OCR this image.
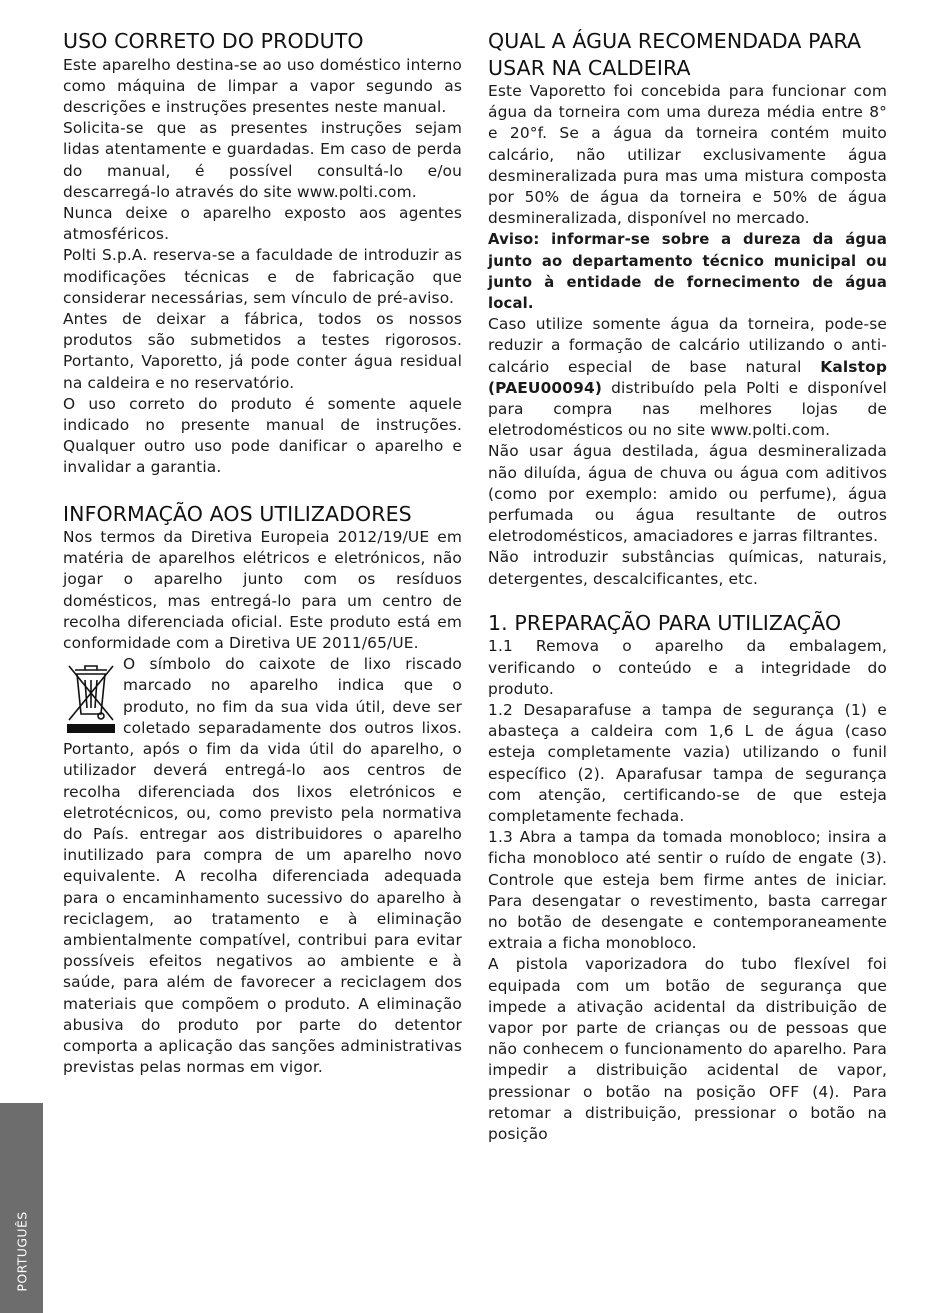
USO CORRETO DO PRODUTO

Este aparelho destina-se ao uso doméstico interno como máquina de limpar a vapor segundo as descrições e instruções presentes neste manual.

Solicita-se que as presentes instruções sejam lidas atentamente e guardadas. Em caso de perda do manual, é possível consultá-lo e/ou descarregá-lo através do site www.polti.com.

Nunca deixe o aparelho exposto aos agentes atmosféricos.

Polti S.p.A. reserva-se a faculdade de introduzir as modificações técnicas e de fabricação que considerar necessárias, sem vínculo de pré-aviso.

Antes de deixar a fábrica, todos os nossos produtos são submetidos a testes rigorosos. Portanto, Vaporetto, já pode conter água residual na caldeira e no reservatório.

O uso correto do produto é somente aquele indicado no presente manual de instruções. Qualquer outro uso pode danificar o aparelho e invalidar a garantia.

INFORMAÇÃO AOS UTILIZADORES

Nos termos da Diretiva Europeia 2012/19/UE em matéria de aparelhos elétricos e eletrónicos, não jogar o aparelho junto com os resíduos domésticos, mas entregá-lo para um centro de recolha diferenciada oficial. Este produto está em conformidade com a Diretiva UE 2011/65/UE.

O símbolo do caixote de lixo riscado marcado no aparelho indica que o produto, no fim da sua vida útil, deve ser coletado separadamente dos outros lixos. Portanto, após o fim da vida útil do aparelho, o utilizador deverá entregá-lo aos centros de recolha diferenciada dos lixos eletrónicos e eletrotécnicos, ou, como previsto pela normativa do País. entregar aos distribuidores o aparelho inutilizado para compra de um aparelho novo equivalente. A recolha diferenciada adequada para o encaminhamento sucessivo do aparelho à reciclagem, ao tratamento e à eliminação ambientalmente compatível, contribui para evitar possíveis efeitos negativos ao ambiente e à saúde, para além de favorecer a reciclagem dos materiais que compõem o produto. A eliminação abusiva do produto por parte do detentor comporta a aplicação das sanções administrativas previstas pelas normas em vigor.

QUAL A ÁGUA RECOMENDADA PARA USAR NA CALDEIRA

Este Vaporetto foi concebida para funcionar com água da torneira com uma dureza média entre 8° e 20°f. Se a água da torneira contém muito calcário, não utilizar exclusivamente água desmineralizada pura mas uma mistura composta por 50% de água da torneira e 50% de água desmineralizada, disponível no mercado.

Aviso: informar-se sobre a dureza da água junto ao departamento técnico municipal ou junto à entidade de fornecimento de água local.

Caso utilize somente água da torneira, pode-se reduzir a formação de calcário utilizando o anti-calcário especial de base natural Kalstop (PAEU00094) distribuído pela Polti e disponível para compra nas melhores lojas de eletrodomésticos ou no site www.polti.com.

Não usar água destilada, água desmineralizada não diluída, água de chuva ou água com aditivos (como por exemplo: amido ou perfume), água perfumada ou água resultante de outros eletrodomésticos, amaciadores e jarras filtrantes.

Não introduzir substâncias químicas, naturais, detergentes, descalcificantes, etc.

1. PREPARAÇÃO PARA UTILIZAÇÃO

1.1 Remova o aparelho da embalagem, verificando o conteúdo e a integridade do produto.

1.2 Desaparafuse a tampa de segurança (1) e abasteça a caldeira com 1,6 L de água (caso esteja completamente vazia) utilizando o funil específico (2). Aparafusar tampa de segurança com atenção, certificando-se de que esteja completamente fechada.

1.3 Abra a tampa da tomada monobloco; insira a ficha monobloco até sentir o ruído de engate (3). Controle que esteja bem firme antes de iniciar. Para desengatar o revestimento, basta carregar no botão de desengate e contemporaneamente extraia a ficha monobloco.

A pistola vaporizadora do tubo flexível foi equipada com um botão de segurança que impede a ativação acidental da distribuição de vapor por parte de crianças ou de pessoas que não conhecem o funcionamento do aparelho. Para impedir a distribuição acidental de vapor, pressionar o botão na posição OFF (4). Para retomar a distribuição, pressionar o botão na posição

PORTUGUÊS
